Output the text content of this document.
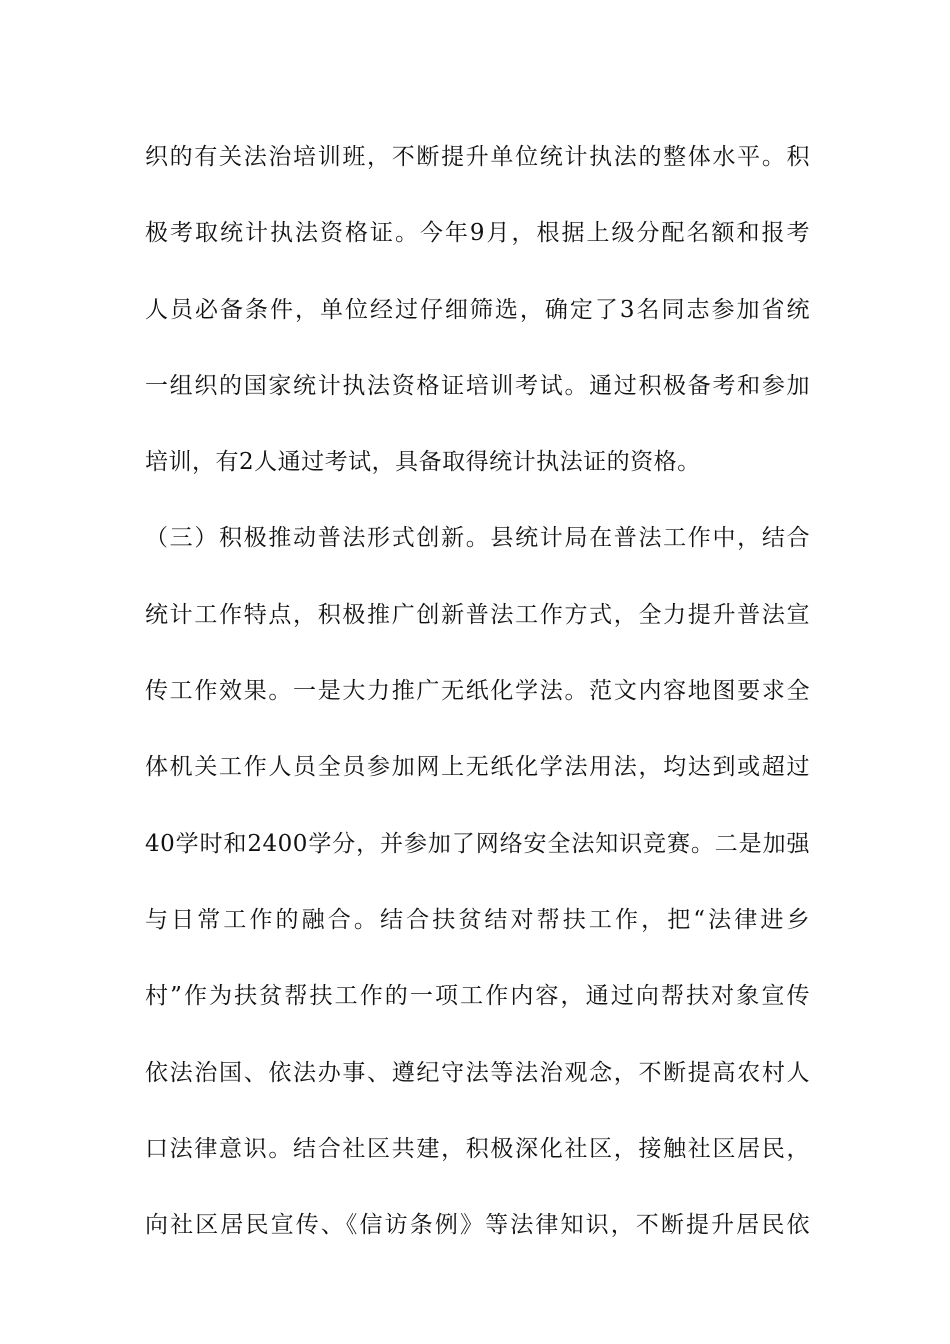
织的有关法治培训班，不断提升单位统计执法的整体水平。积
极考取统计执法资格证。今年9月，根据上级分配名额和报考
人员必备条件，单位经过仔细筛选，确定了3名同志参加省统
一组织的国家统计执法资格证培训考试。通过积极备考和参加
培训，有2人通过考试，具备取得统计执法证的资格。
（三）积极推动普法形式创新。县统计局在普法工作中，结合
统计工作特点，积极推广创新普法工作方式，全力提升普法宣
传工作效果。一是大力推广无纸化学法。范文内容地图要求全
体机关工作人员全员参加网上无纸化学法用法，均达到或超过
40学时和2400学分，并参加了网络安全法知识竞赛。二是加强
与日常工作的融合。结合扶贫结对帮扶工作，把“法律进乡
村”作为扶贫帮扶工作的一项工作内容，通过向帮扶对象宣传
依法治国、依法办事、遵纪守法等法治观念，不断提高农村人
口法律意识。结合社区共建，积极深化社区，接触社区居民，
向社区居民宣传、《信访条例》等法律知识，不断提升居民依
